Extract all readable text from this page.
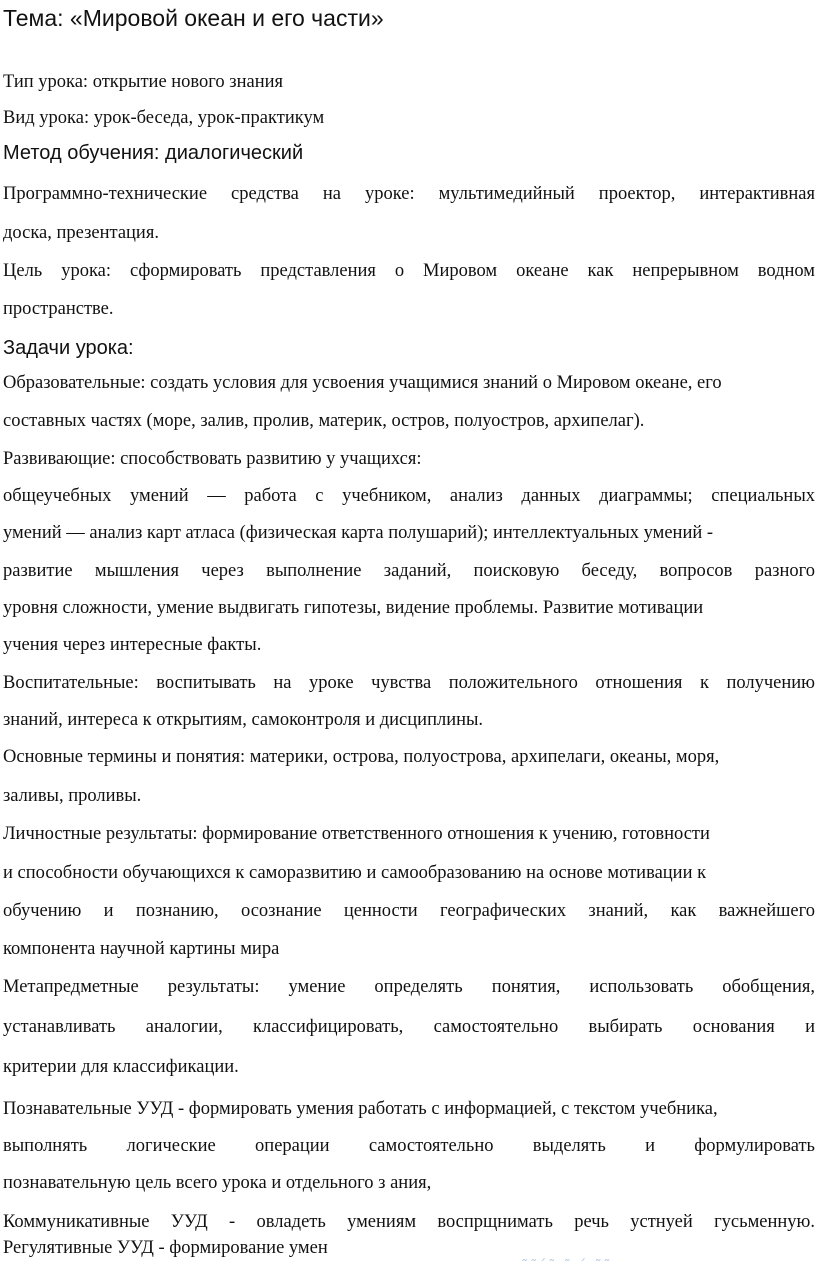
Тема: «Мировой океан и его части»
Тип урока: открытие нового знания
Вид урока: урок-беседа, урок-практикум
Метод обучения: диалогический
Программно-технические средства на уроке: мультимедийный проектор, интерактивная
доска, презентация.
Цель урока: сформировать представления о Мировом океане как непрерывном водном
пространстве.
Задачи урока:
Образовательные: создать условия для усвоения учащимися знаний о Мировом океане, его
составных частях (море, залив, пролив, материк, остров, полуостров, архипелаг).
Развивающие: способствовать развитию у учащихся:
общеучебных умений — работа с учебником, анализ данных диаграммы; специальных
умений — анализ карт атласа (физическая карта полушарий); интеллектуальных умений -
развитие мышления через выполнение заданий, поисковую беседу, вопросов разного
уровня сложности, умение выдвигать гипотезы, видение проблемы. Развитие мотивации
учения через интересные факты.
Воспитательные: воспитывать на уроке чувства положительного отношения к получению
знаний, интереса к открытиям, самоконтроля и дисциплины.
Основные термины и понятия: материки, острова, полуострова, архипелаги, океаны, моря,
заливы, проливы.
Личностные результаты: формирование ответственного отношения к учению, готовности
и способности обучающихся к саморазвитию и самообразованию на основе мотивации к
обучению и познанию, осознание ценности географических знаний, как важнейшего
компонента научной картины мира
Метапредметные результаты: умение определять понятия, использовать обобщения,
устанавливать аналогии, классифицировать, самостоятельно выбирать основания и
критерии для классификации.
Познавательные УУД - формировать умения работать с информацией, с текстом учебника,
выполнять логические операции самостоятельно выделять и формулировать
познавательную цель всего урока и отдельного з ания,
Коммуникативные УУД - овладеть умениям воспрщнимать речь устнуей гусьменную.
Регулятивные УУД - формирование умен
˜˜´˜ ˜ ´ ˜˜
